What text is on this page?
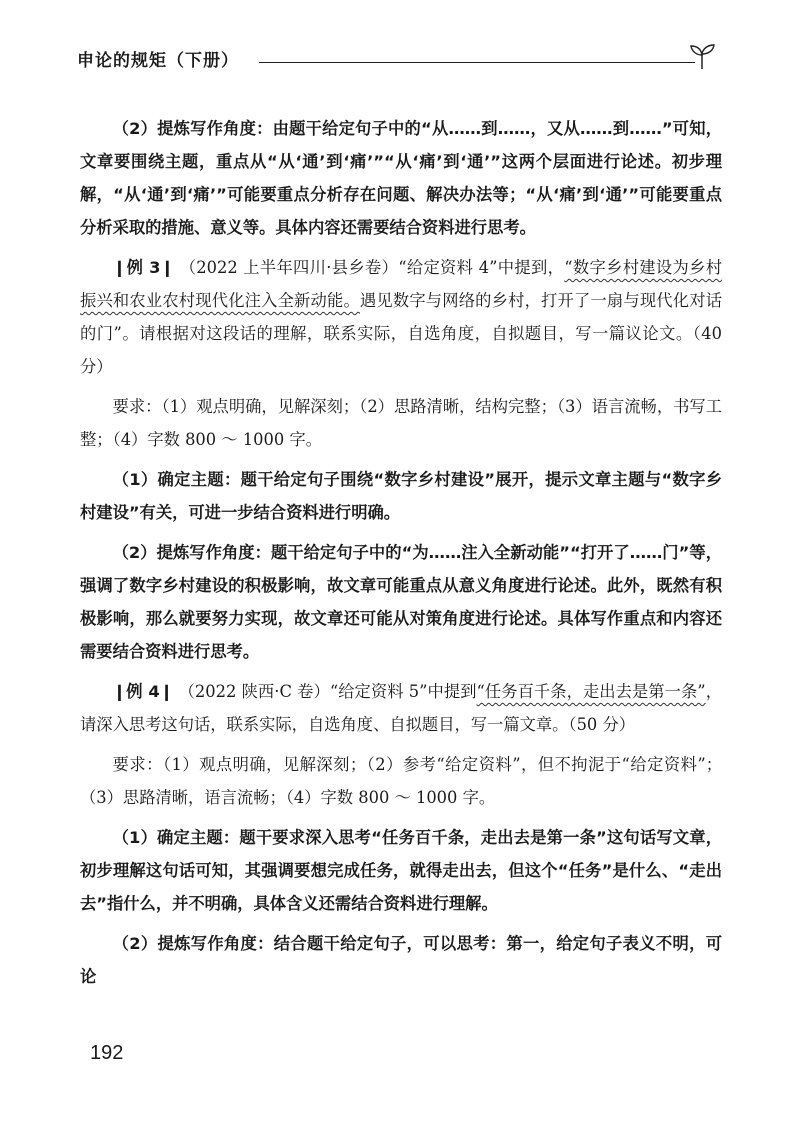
申论的规矩（下册）

（2）提炼写作角度：由题干给定句子中的“从……到……，又从……到……”可知，文章要围绕主题，重点从“从‘通’到‘痛’”“从‘痛’到‘通’”这两个层面进行论述。初步理解，“从‘通’到‘痛’”可能要重点分析存在问题、解决办法等；“从‘痛’到‘通’”可能要重点分析采取的措施、意义等。具体内容还需要结合资料进行思考。

❙例 3❙ （2022 上半年四川·县乡卷）“给定资料 4”中提到，“数字乡村建设为乡村振兴和农业农村现代化注入全新动能。遇见数字与网络的乡村，打开了一扇与现代化对话的门”。请根据对这段话的理解，联系实际，自选角度，自拟题目，写一篇议论文。（40 分）

要求：（1）观点明确，见解深刻；（2）思路清晰，结构完整；（3）语言流畅，书写工整；（4）字数 800 ～ 1000 字。

（1）确定主题：题干给定句子围绕“数字乡村建设”展开，提示文章主题与“数字乡村建设”有关，可进一步结合资料进行明确。

（2）提炼写作角度：题干给定句子中的“为……注入全新动能”“打开了……门”等，强调了数字乡村建设的积极影响，故文章可能重点从意义角度进行论述。此外，既然有积极影响，那么就要努力实现，故文章还可能从对策角度进行论述。具体写作重点和内容还需要结合资料进行思考。

❙例 4❙ （2022 陕西·C 卷）“给定资料 5”中提到“任务百千条，走出去是第一条”，请深入思考这句话，联系实际，自选角度、自拟题目，写一篇文章。（50 分）

要求：（1）观点明确，见解深刻；（2）参考“给定资料”，但不拘泥于“给定资料”；（3）思路清晰，语言流畅；（4）字数 800 ～ 1000 字。

（1）确定主题：题干要求深入思考“任务百千条，走出去是第一条”这句话写文章，初步理解这句话可知，其强调要想完成任务，就得走出去，但这个“任务”是什么、“走出去”指什么，并不明确，具体含义还需结合资料进行理解。

（2）提炼写作角度：结合题干给定句子，可以思考：第一，给定句子表义不明，可论

192
